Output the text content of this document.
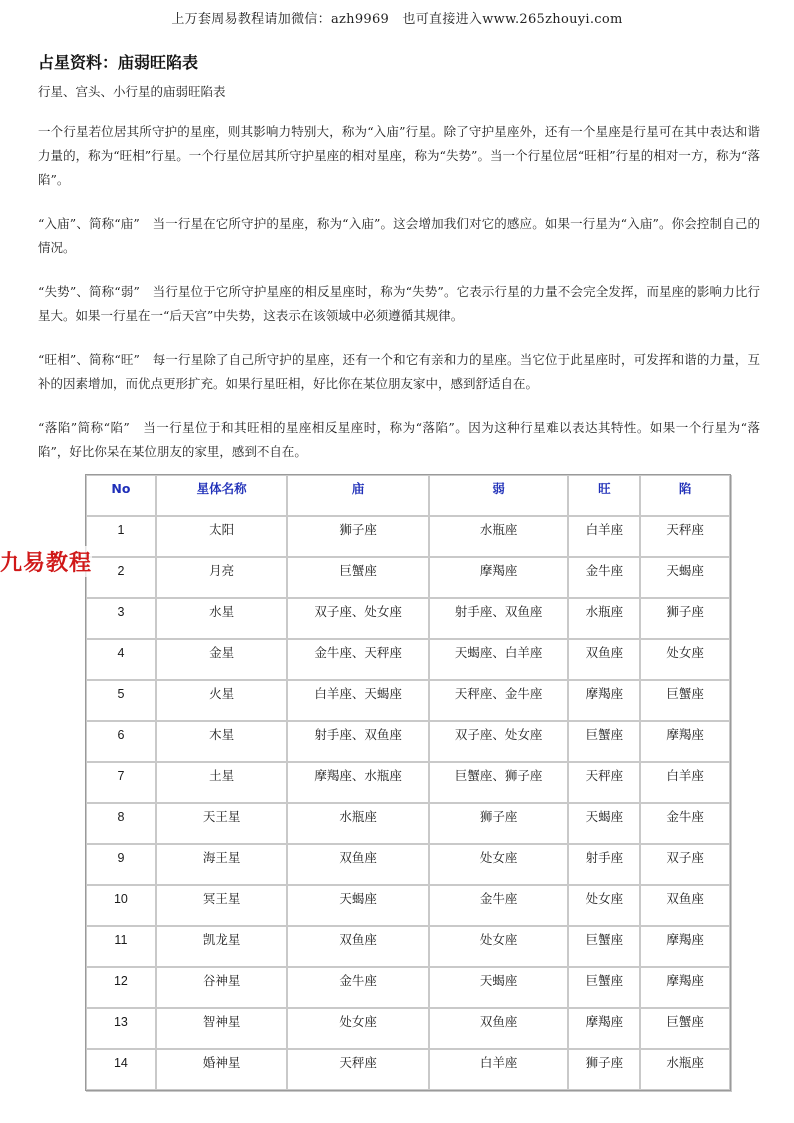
上万套周易教程请加微信：azh9969　也可直接进入www.265zhouyi.com
占星资料：庙弱旺陷表
行星、宫头、小行星的庙弱旺陷表

一个行星若位居其所守护的星座，则其影响力特别大，称为“入庙”行星。除了守护星座外，还有一个星座是行星可在其中表达和谐力量的，称为“旺相”行星。一个行星位居其所守护星座的相对星座，称为“失势”。当一个行星位居“旺相”行星的相对一方，称为“落陷”。

“入庙”、简称“庙”　当一行星在它所守护的星座，称为“入庙”。这会增加我们对它的感应。如果一行星为“入庙”。你会控制自己的情况。

“失势”、简称“弱”　当行星位于它所守护星座的相反星座时，称为“失势”。它表示行星的力量不会完全发挥，而星座的影响力比行星大。如果一行星在一“后天宫”中失势，这表示在该领域中必须遵循其规律。

“旺相”、简称“旺”　每一行星除了自己所守护的星座，还有一个和它有亲和力的星座。当它位于此星座时，可发挥和谐的力量，互补的因素增加，而优点更形扩充。如果行星旺相，好比你在某位朋友家中，感到舒适自在。

“落陷”简称“陷”　当一行星位于和其旺相的星座相反星座时，称为“落陷”。因为这种行星难以表达其特性。如果一个行星为“落陷”，好比你呆在某位朋友的家里，感到不自在。

九易教程
No	星体名称	庙	弱	旺	陷
1	太阳	狮子座	水瓶座	白羊座	天秤座
2	月亮	巨蟹座	摩羯座	金牛座	天蝎座
3	水星	双子座、处女座	射手座、双鱼座	水瓶座	狮子座
4	金星	金牛座、天秤座	天蝎座、白羊座	双鱼座	处女座
5	火星	白羊座、天蝎座	天秤座、金牛座	摩羯座	巨蟹座
6	木星	射手座、双鱼座	双子座、处女座	巨蟹座	摩羯座
7	土星	摩羯座、水瓶座	巨蟹座、狮子座	天秤座	白羊座
8	天王星	水瓶座	狮子座	天蝎座	金牛座
9	海王星	双鱼座	处女座	射手座	双子座
10	冥王星	天蝎座	金牛座	处女座	双鱼座
11	凯龙星	双鱼座	处女座	巨蟹座	摩羯座
12	谷神星	金牛座	天蝎座	巨蟹座	摩羯座
13	智神星	处女座	双鱼座	摩羯座	巨蟹座
14	婚神星	天秤座	白羊座	狮子座	水瓶座
